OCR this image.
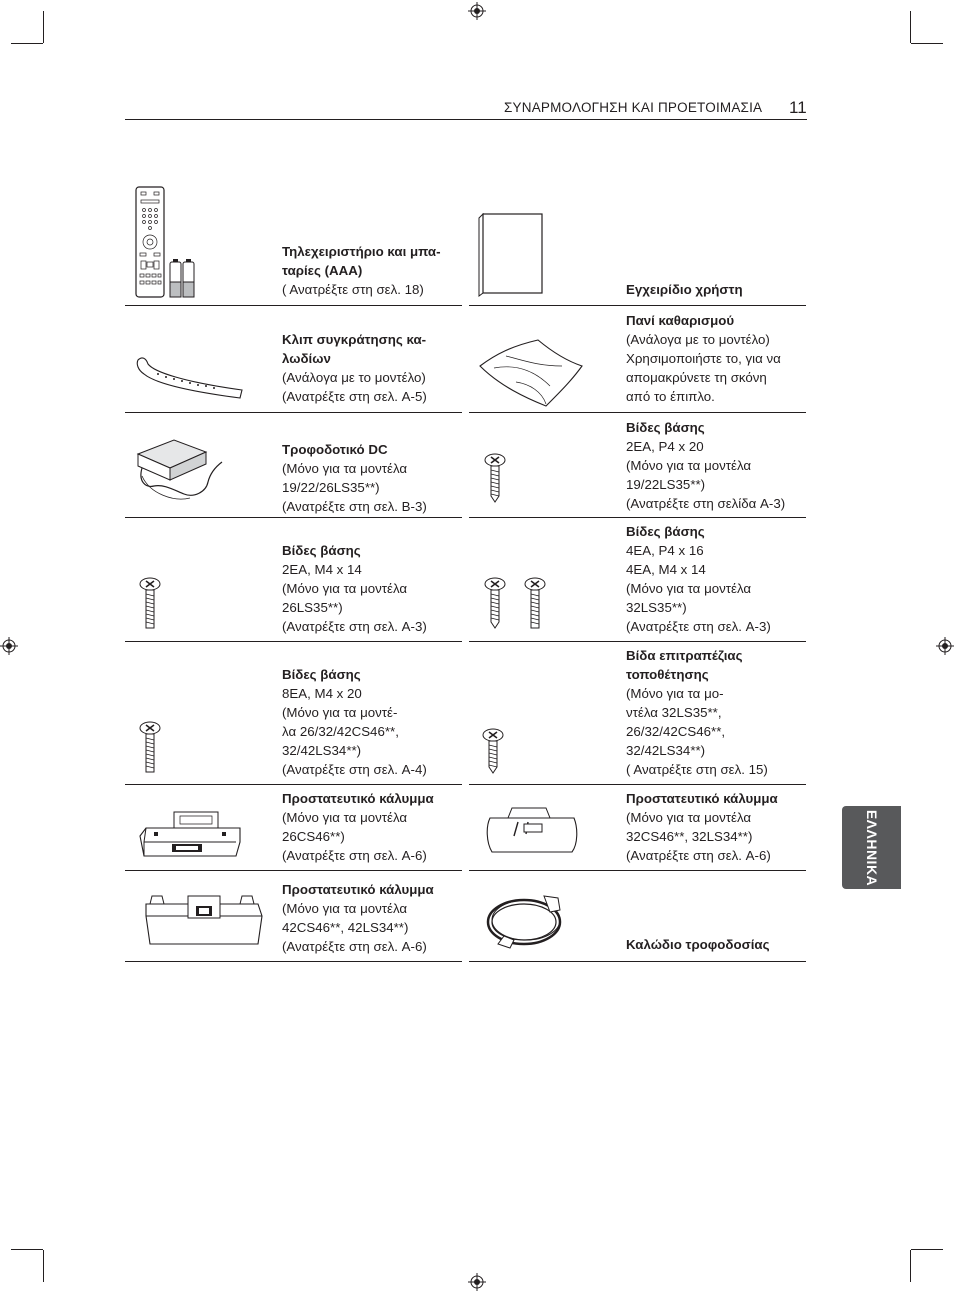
ΣΥΝΑΡΜΟΛΟΓΗΣΗ ΚΑΙ ΠΡΟΕΤΟΙΜΑΣΙΑ 11
ΕΛΛΗΝΙΚΑ
Τηλεχειριστήριο και μπα-
ταρίες (AAA)
( Ανατρέξτε στη σελ. 18)	Εγχειρίδιο χρήστη
Κλιπ συγκράτησης κα-
λωδίων
(Ανάλογα με το μοντέλο)
(Ανατρέξτε στη σελ. A-5)
Πανί καθαρισμού
(Ανάλογα με το μοντέλο)
Χρησιμοποιήστε το, για να
απομακρύνετε τη σκόνη
από το έπιπλο.
Τροφοδοτικό DC
(Μόνο για τα μοντέλα
19/22/26LS35**)
(Ανατρέξτε στη σελ. B-3)
Βίδες βάσης
2EA, P4 x 20
(Μόνο για τα μοντέλα
19/22LS35**)
(Ανατρέξτε στη σελίδα A-3)
Βίδες βάσης
2EA, M4 x 14
(Μόνο για τα μοντέλα
26LS35**)
(Ανατρέξτε στη σελ. A-3)
Βίδες βάσης
4EA, P4 x 16
4EA, M4 x 14
(Μόνο για τα μοντέλα
32LS35**)
(Ανατρέξτε στη σελ. A-3)
Βίδες βάσης
8EA, M4 x 20
(Μόνο για τα μοντέ-
λα 26/32/42CS46**,
32/42LS34**)
(Ανατρέξτε στη σελ. A-4)
Βίδα επιτραπέζιας
τοποθέτησης
(Μόνο για τα μο-
ντέλα 32LS35**,
26/32/42CS46**,
32/42LS34**)
( Ανατρέξτε στη σελ. 15)
Προστατευτικό κάλυμμα
(Μόνο για τα μοντέλα
26CS46**)
(Ανατρέξτε στη σελ. A-6)
Προστατευτικό κάλυμμα
(Μόνο για τα μοντέλα
32CS46**, 32LS34**)
(Ανατρέξτε στη σελ. A-6)
Προστατευτικό κάλυμμα
(Μόνο για τα μοντέλα
42CS46**, 42LS34**)
(Ανατρέξτε στη σελ. A-6)	Καλώδιο τροφοδοσίας
